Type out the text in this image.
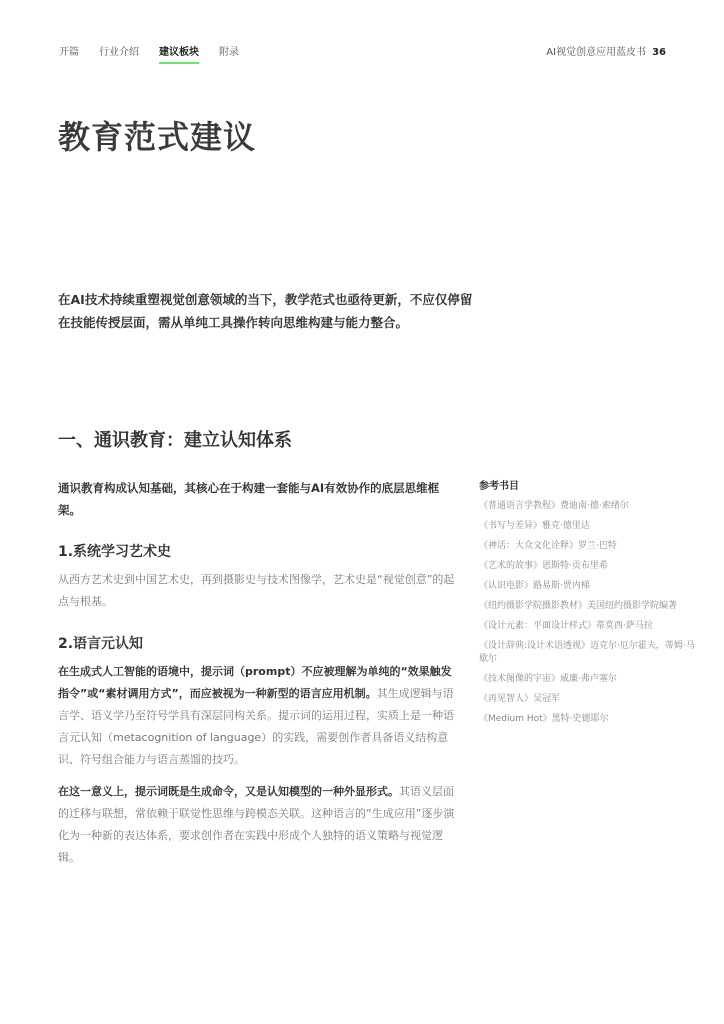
开篇 行业介绍 建议板块 附录	AI视觉创意应用蓝皮书 36
教育范式建议

在AI技术持续重塑视觉创意领域的当下，教学范式也亟待更新，不应仅停留在技能传授层面，需从单纯工具操作转向思维构建与能力整合。

一、通识教育：建立认知体系

通识教育构成认知基础，其核心在于构建一套能与AI有效协作的底层思维框架。

1.系统学习艺术史

从西方艺术史到中国艺术史，再到摄影史与技术图像学，艺术史是“视觉创意”的起点与根基。

2.语言元认知

在生成式人工智能的语境中，提示词（prompt）不应被理解为单纯的“效果触发指令”或“素材调用方式”，而应被视为一种新型的语言应用机制。其生成逻辑与语言学、语义学乃至符号学具有深层同构关系。提示词的运用过程，实质上是一种语言元认知（metacognition of language）的实践，需要创作者具备语义结构意识、符号组合能力与语言蒸馏的技巧。

在这一意义上，提示词既是生成命令，又是认知模型的一种外显形式。其语义层面的迁移与联想，常依赖于联觉性思维与跨模态关联。这种语言的“生成应用”逐步演化为一种新的表达体系，要求创作者在实践中形成个人独特的语义策略与视觉逻辑。

参考书目
《普通语言学教程》费迪南·德·索绪尔
《书写与差异》雅克·德里达
《神话：大众文化诠释》罗兰·巴特
《艺术的故事》恩斯特·贡布里希
《认识电影》路易斯·贾内梯
《纽约摄影学院摄影教材》美国纽约摄影学院编著
《设计元素：平面设计样式》蒂莫西·萨马拉
《设计辞典:设计术语透视》迈克尔·厄尔霍夫，蒂姆·马歇尔
《技术图像的宇宙》威廉·弗卢塞尔
《再见智人》吴冠军
《Medium Hot》黑特·史德耶尔
